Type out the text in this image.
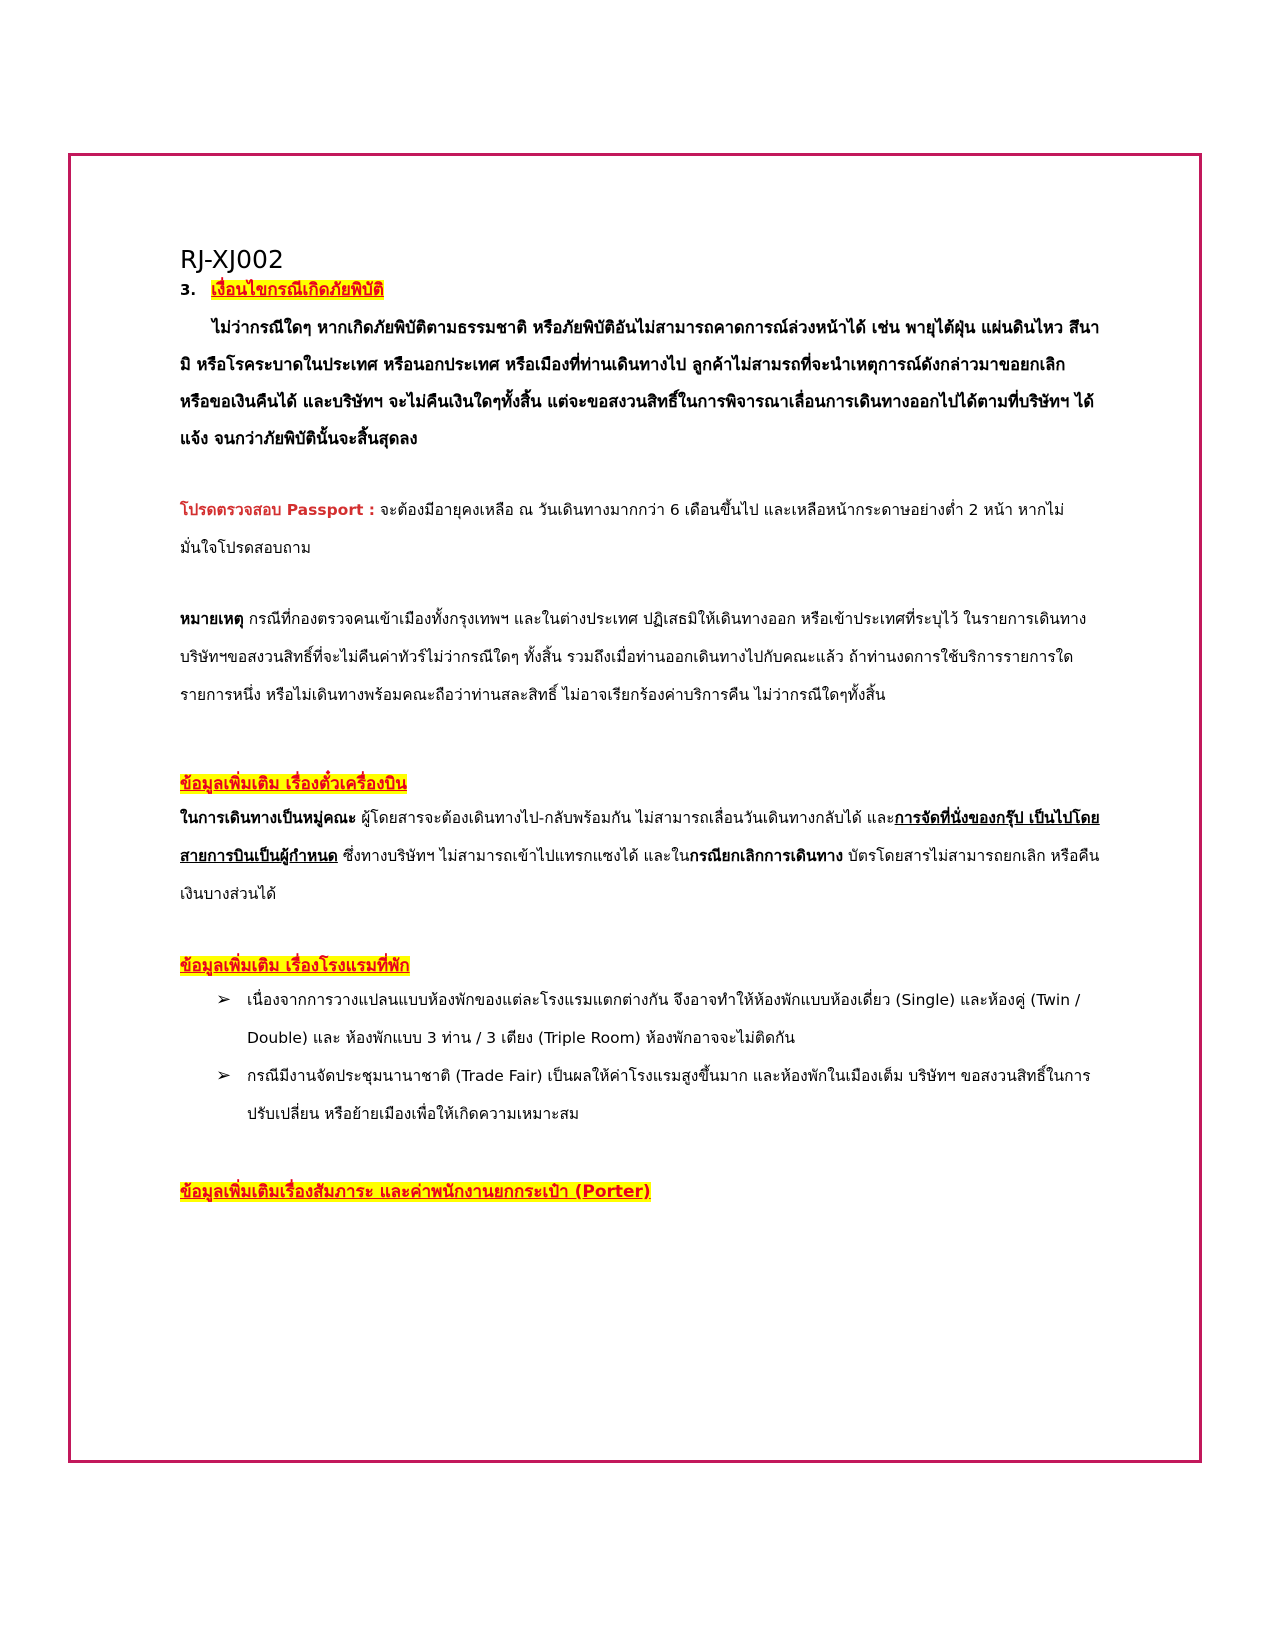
RJ-XJ002

3. เงื่อนไขกรณีเกิดภัยพิบัติ

ไม่ว่ากรณีใดๆ หากเกิดภัยพิบัติตามธรรมชาติ หรือภัยพิบัติอันไม่สามารถคาดการณ์ล่วงหน้าได้ เช่น พายุไต้ฝุ่น แผ่นดินไหว สึนามิ หรือโรคระบาดในประเทศ หรือนอกประเทศ หรือเมืองที่ท่านเดินทางไป ลูกค้าไม่สามรถที่จะนำเหตุการณ์ดังกล่าวมาขอยกเลิก หรือขอเงินคืนได้ และบริษัทฯ จะไม่คืนเงินใดๆทั้งสิ้น แต่จะขอสงวนสิทธิ์ในการพิจารณาเลื่อนการเดินทางออกไปได้ตามที่บริษัทฯ ได้แจ้ง จนกว่าภัยพิบัตินั้นจะสิ้นสุดลง

โปรดตรวจสอบ Passport : จะต้องมีอายุคงเหลือ ณ วันเดินทางมากกว่า 6 เดือนขึ้นไป และเหลือหน้ากระดาษอย่างต่ำ 2 หน้า หากไม่มั่นใจโปรดสอบถาม

หมายเหตุ กรณีที่กองตรวจคนเข้าเมืองทั้งกรุงเทพฯ และในต่างประเทศ ปฏิเสธมิให้เดินทางออก หรือเข้าประเทศที่ระบุไว้ ในรายการเดินทาง บริษัทฯขอสงวนสิทธิ์ที่จะไม่คืนค่าทัวร์ไม่ว่ากรณีใดๆ ทั้งสิ้น รวมถึงเมื่อท่านออกเดินทางไปกับคณะแล้ว ถ้าท่านงดการใช้บริการรายการใดรายการหนึ่ง หรือไม่เดินทางพร้อมคณะถือว่าท่านสละสิทธิ์ ไม่อาจเรียกร้องค่าบริการคืน ไม่ว่ากรณีใดๆทั้งสิ้น

ข้อมูลเพิ่มเติม เรื่องตั๋วเครื่องบิน

ในการเดินทางเป็นหมู่คณะ ผู้โดยสารจะต้องเดินทางไป-กลับพร้อมกัน ไม่สามารถเลื่อนวันเดินทางกลับได้ และการจัดที่นั่งของกรุ๊ป เป็นไปโดยสายการบินเป็นผู้กำหนด ซึ่งทางบริษัทฯ ไม่สามารถเข้าไปแทรกแซงได้ และในกรณียกเลิกการเดินทาง บัตรโดยสารไม่สามารถยกเลิก หรือคืนเงินบางส่วนได้

ข้อมูลเพิ่มเติม เรื่องโรงแรมที่พัก

➢ เนื่องจากการวางแปลนแบบห้องพักของแต่ละโรงแรมแตกต่างกัน จึงอาจทำให้ห้องพักแบบห้องเดี่ยว (Single) และห้องคู่ (Twin / Double) และ ห้องพักแบบ 3 ท่าน / 3 เตียง (Triple Room) ห้องพักอาจจะไม่ติดกัน
➢ กรณีมีงานจัดประชุมนานาชาติ (Trade Fair) เป็นผลให้ค่าโรงแรมสูงขึ้นมาก และห้องพักในเมืองเต็ม บริษัทฯ ขอสงวนสิทธิ์ในการปรับเปลี่ยน หรือย้ายเมืองเพื่อให้เกิดความเหมาะสม

ข้อมูลเพิ่มเติมเรื่องสัมภาระ และค่าพนักงานยกกระเป๋า (Porter)
